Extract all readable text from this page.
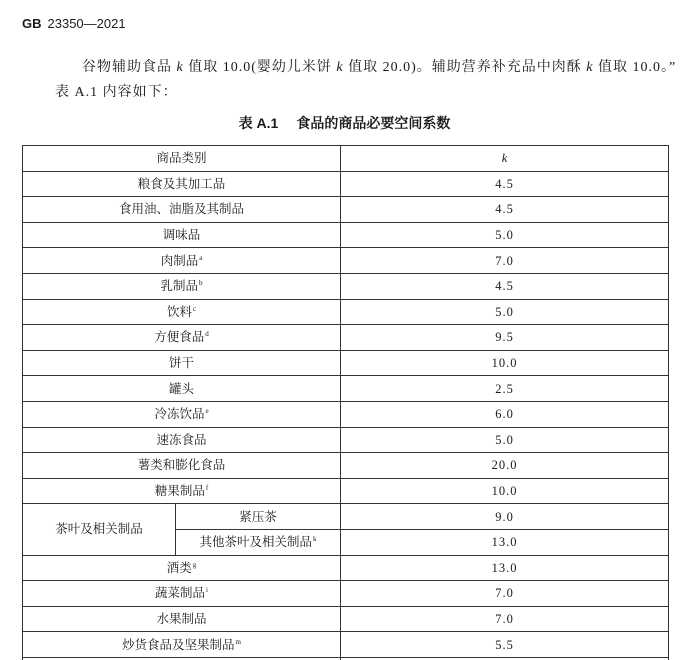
GB 23350—2021
谷物辅助食品 k 值取 10.0(婴幼儿米饼 k 值取 20.0)。辅助营养补充品中肉酥 k 值取 10.0。”
表 A.1 内容如下：
表 A.1 食品的商品必要空间系数
商品类别		k
粮食及其加工品		4.5
食用油、油脂及其制品		4.5
调味品		5.0
肉制品$^a$		7.0
乳制品$^b$		4.5
饮料$^c$		5.0
方便食品$^d$		9.5
饼干		10.0
罐头		2.5
冷冻饮品$^e$		6.0
速冻食品		5.0
薯类和膨化食品		20.0
糖果制品$^f$		10.0
茶叶及相关制品	紧压茶	9.0
	其他茶叶及相关制品$^k$	13.0
酒类$^g$		13.0
蔬菜制品$^i$		7.0
水果制品		7.0
炒货食品及坚果制品$^m$		5.5
